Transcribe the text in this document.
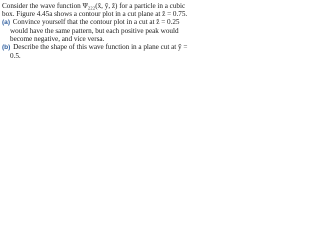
Consider the wave function Ψ₂₂₂(x̃, ȳ, z̃) for a particle in a cubic box. Figure 4.45a shows a contour plot in a cut plane at z̃ = 0.75.

(a) Convince yourself that the contour plot in a cut at z̃ = 0.25 would have the same pattern, but each positive peak would become negative, and vice versa.

(b) Describe the shape of this wave function in a plane cut at ȳ = 0.5.
